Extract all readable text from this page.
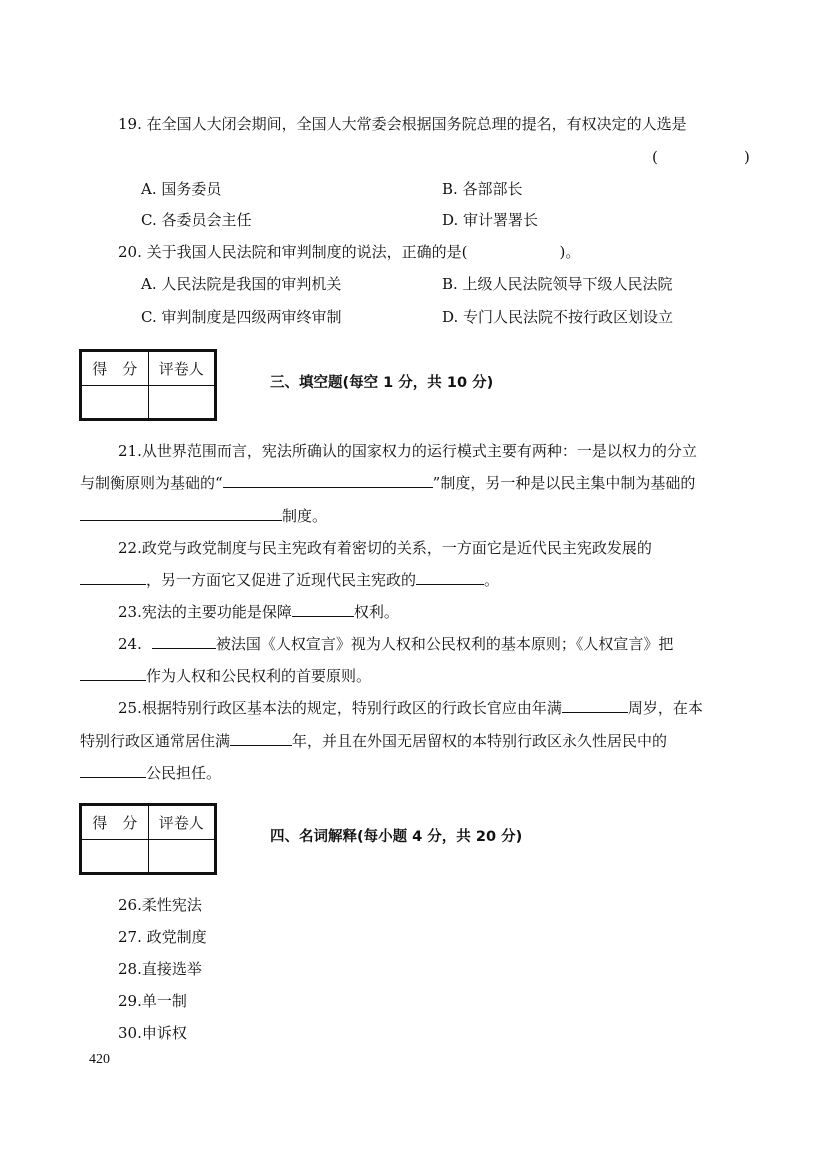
19. 在全国人大闭会期间，全国人大常委会根据国务院总理的提名，有权决定的人选是
(	)
A. 国务委员	B. 各部部长
C. 各委员会主任	D. 审计署署长
20. 关于我国人民法院和审判制度的说法，正确的是(	)。
A. 人民法院是我国的审判机关	B. 上级人民法院领导下级人民法院
C. 审判制度是四级两审终审制	D. 专门人民法院不按行政区划设立
得　分	评卷人

三、填空题(每空 1 分，共 10 分)
21.从世界范围而言，宪法所确认的国家权力的运行模式主要有两种：一是以权力的分立
与制衡原则为基础的“	”制度，另一种是以民主集中制为基础的
制度。
22.政党与政党制度与民主宪政有着密切的关系，一方面它是近代民主宪政发展的
，另一方面它又促进了近现代民主宪政的	。
23.宪法的主要功能是保障	权利。
24.	被法国《人权宣言》视为人权和公民权利的基本原则；《人权宣言》把
作为人权和公民权利的首要原则。
25.根据特别行政区基本法的规定，特别行政区的行政长官应由年满	周岁，在本
特别行政区通常居住满	年，并且在外国无居留权的本特别行政区永久性居民中的
公民担任。
得　分	评卷人

四、名词解释(每小题 4 分，共 20 分)
26.柔性宪法
27. 政党制度
28.直接选举
29.单一制
30.申诉权
420
